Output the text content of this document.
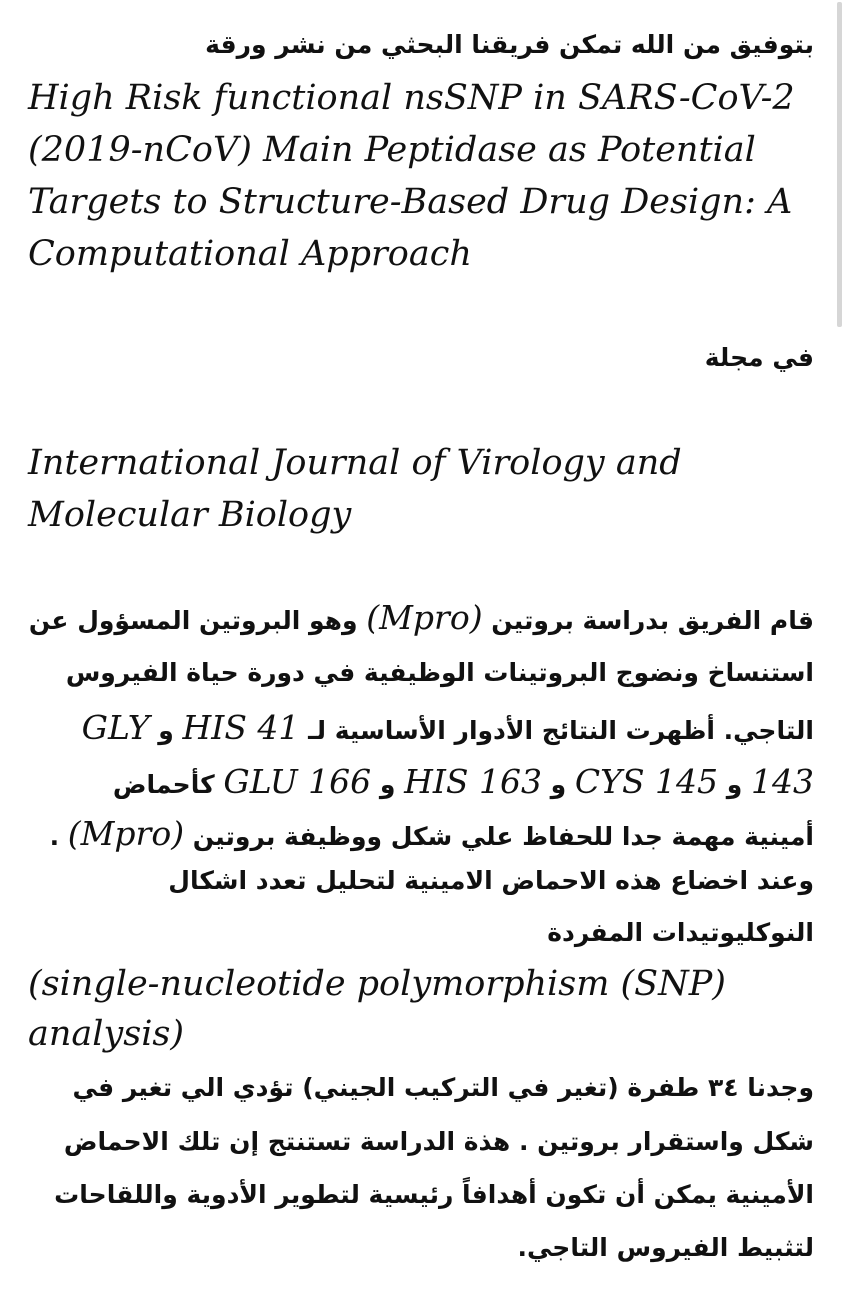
بتوفيق من الله تمكن فريقنا البحثي من نشر ورقة

High Risk functional nsSNP in SARS-CoV-2

(2019-nCoV) Main Peptidase as Potential

Targets to Structure-Based Drug Design: A

Computational Approach

في مجلة

International Journal of Virology and

Molecular Biology

قام الفريق بدراسة بروتين (Mpro) وهو البروتين المسؤول عن

استنساخ ونضوج البروتينات الوظيفية في دورة حياة الفيروس

التاجي. أظهرت النتائج الأدوار الأساسية لـ HIS 41 و GLY

143 و CYS 145 و HIS 163 و GLU 166 كأحماض

أمينية مهمة جدا للحفاظ علي شكل ووظيفة بروتين (Mpro) .

وعند اخضاع هذه الاحماض الامينية لتحليل تعدد اشكال

النوكليوتيدات المفردة

(single-nucleotide polymorphism (SNP)

analysis)

وجدنا ٣٤ طفرة (تغير في التركيب الجيني) تؤدي الي تغير في

شكل واستقرار بروتين . هذة الدراسة تستنتج إن تلك الاحماض

الأمينية يمكن أن تكون أهدافاً رئيسية لتطوير الأدوية واللقاحات

لتثبيط الفيروس التاجي.
